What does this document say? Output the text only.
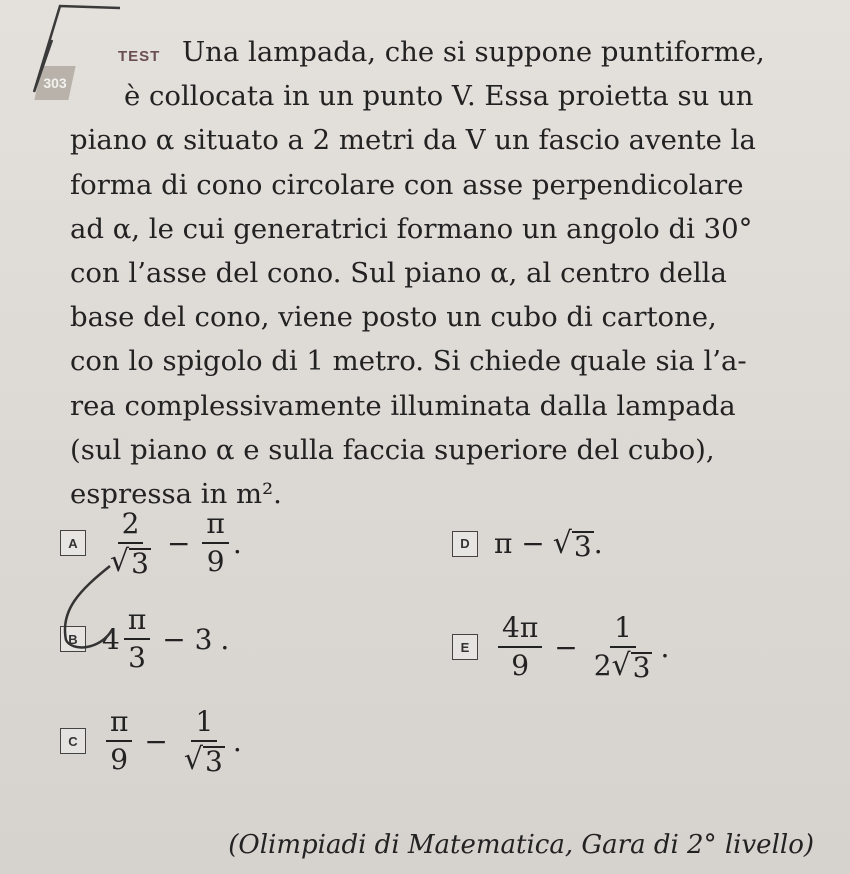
303
TEST Una lampada, che si suppone puntiforme,
è collocata in un punto V. Essa proietta su un
piano α situato a 2 metri da V un fascio avente la
forma di cono circolare con asse perpendicolare
ad α, le cui generatrici formano un angolo di 30°
con l’asse del cono. Sul piano α, al centro della
base del cono, viene posto un cubo di cartone,
con lo spigolo di 1 metro. Si chiede quale sia l’a-
rea complessivamente illuminata dalla lampada
(sul piano α e sulla faccia superiore del cubo),
espressa in m².
A $\frac{2}{√ 3} - \frac{\pi}{9}$ .	D π − √ 3 .
B $4 \frac{\pi}{3} - 3$ .	E	$\frac{4\pi}{9} - \frac{1}{2 √ 3}$ .
C $\frac{\pi}{9} - \frac{1}{√ 3}$ .
(Olimpiadi di Matematica, Gara di 2° livello)
